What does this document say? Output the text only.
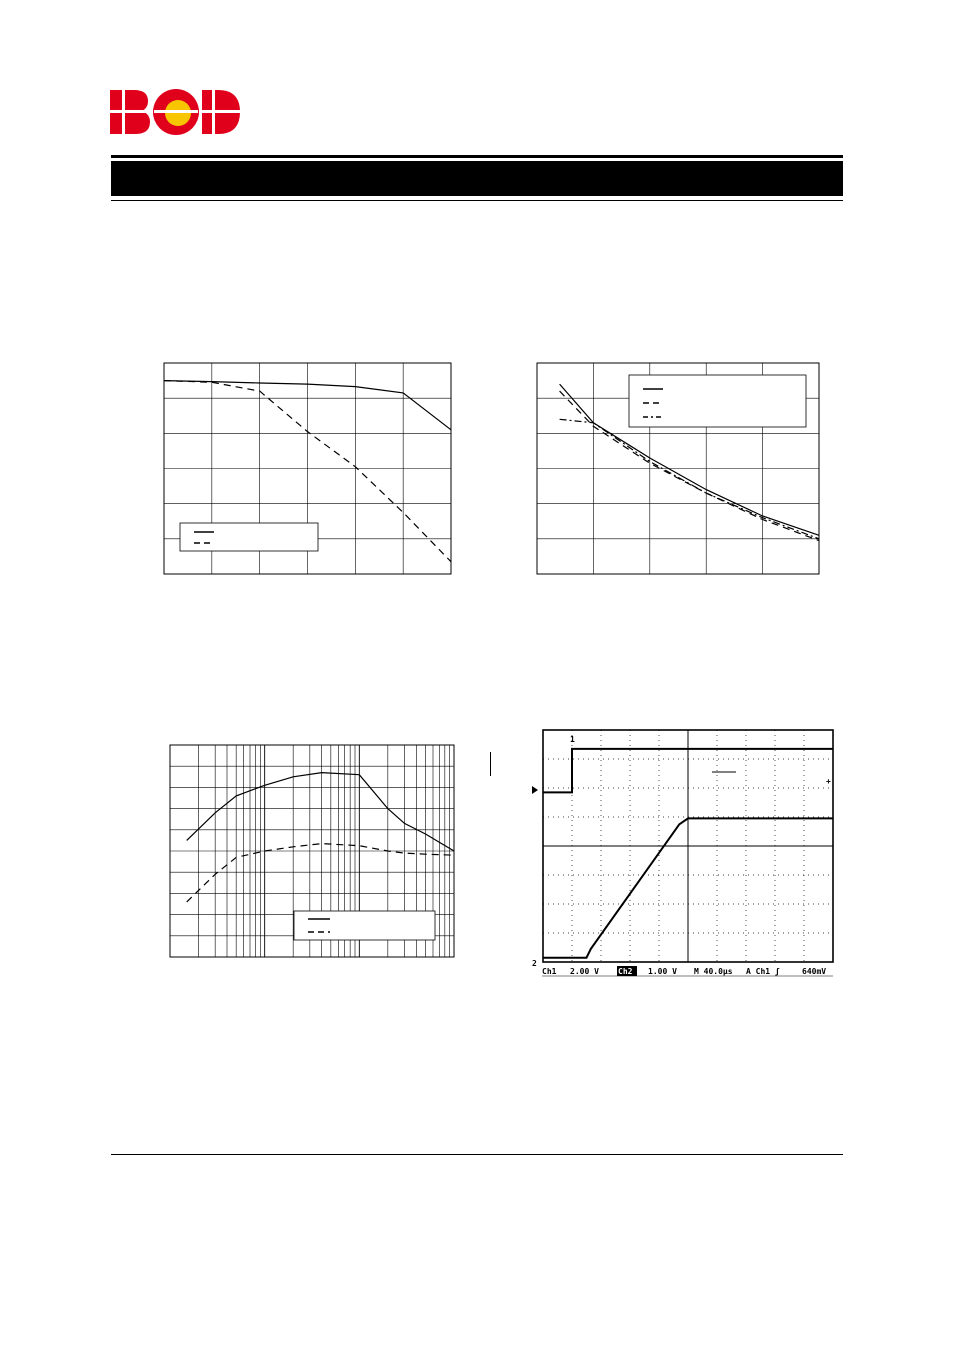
1
2
+
Ch1 2.00 V Ch2 1.00 V M 40.0µs A Ch1 ʃ	640mV
